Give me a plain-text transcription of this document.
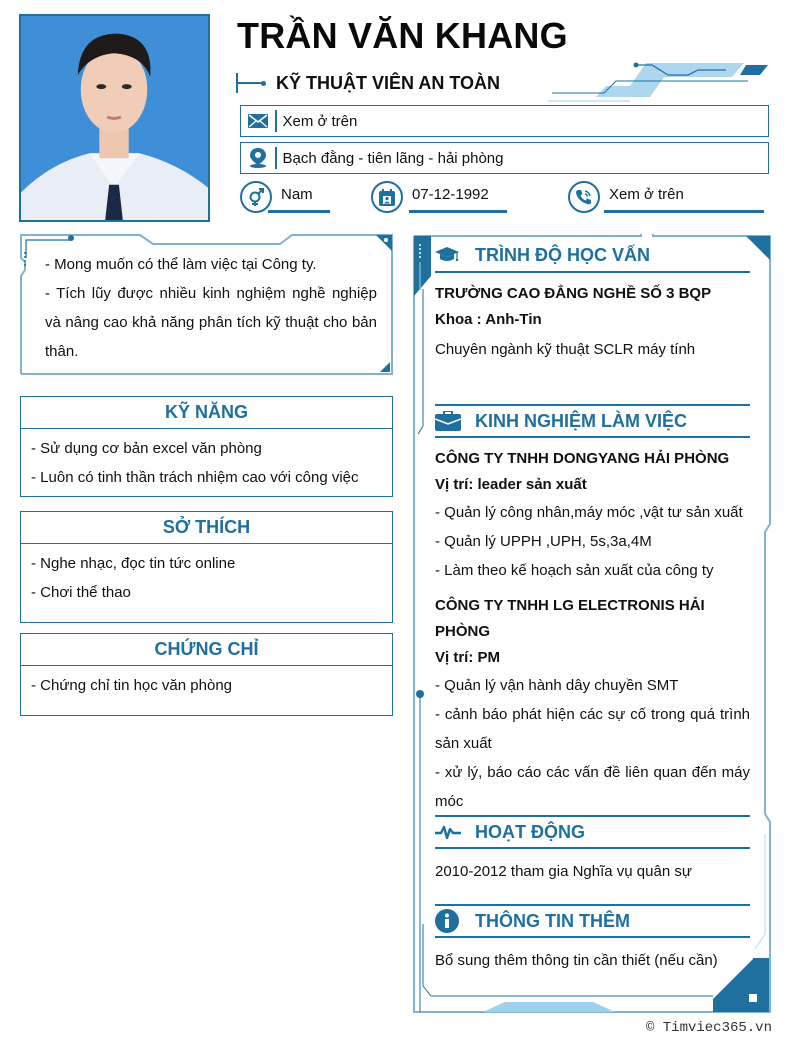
TRẦN VĂN KHANG
KỸ THUẬT VIÊN AN TOÀN
Xem ở trên
Bạch đằng - tiên lãng - hải phòng
Nam	07-12-1992	Xem ở trên
- Mong muốn có thể làm việc tại Công ty.
- Tích lũy được nhiều kinh nghiệm nghề nghiệp và nâng cao khả năng phân tích kỹ thuật cho bản thân.
KỸ NĂNG
- Sử dụng cơ bản excel văn phòng
- Luôn có tinh thần trách nhiệm cao với công việc
SỞ THÍCH
- Nghe nhạc, đọc tin tức online
- Chơi thể thao
CHỨNG CHỈ
- Chứng chỉ tin học văn phòng
TRÌNH ĐỘ HỌC VẤN
TRƯỜNG CAO ĐẲNG NGHỀ SỐ 3 BQP
Khoa : Anh-Tin
Chuyên ngành kỹ thuật SCLR máy tính
KINH NGHIỆM LÀM VIỆC
CÔNG TY TNHH DONGYANG HẢI PHÒNG
Vị trí: leader sản xuất
- Quản lý công nhân,máy móc ,vật tư sản xuất
- Quản lý UPPH ,UPH, 5s,3a,4M
- Làm theo kế hoạch sản xuất của công ty
CÔNG TY TNHH LG ELECTRONIS HẢI PHÒNG
Vị trí: PM
- Quản lý vận hành dây chuyền SMT
- cảnh báo phát hiện các sự cố trong quá trình sản xuất
- xử lý, báo cáo các vấn đề liên quan đến máy móc
HOẠT ĐỘNG
2010-2012 tham gia Nghĩa vụ quân sự
THÔNG TIN THÊM
Bổ sung thêm thông tin cần thiết (nếu cần)
© Timviec365.vn
